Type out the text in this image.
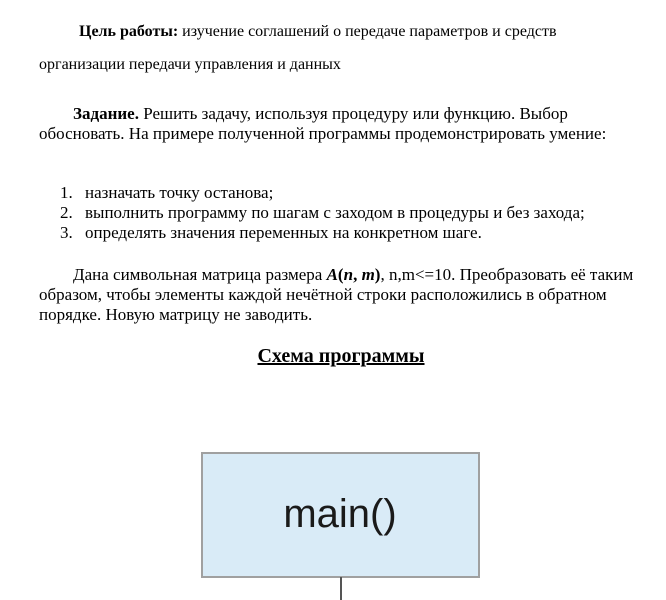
Цель работы: изучение соглашений о передаче параметров и средств

организации передачи управления и данных

Задание. Решить задачу, используя процедуру или функцию. Выбор обосновать. На примере полученной программы продемонстрировать умение:

1. назначать точку останова;
2. выполнить программу по шагам с заходом в процедуры и без захода;
3. определять значения переменных на конкретном шаге.

Дана символьная матрица размера A(n, m), n,m<=10. Преобразовать её таким образом, чтобы элементы каждой нечётной строки расположились в обратном порядке. Новую матрицу не заводить.

Схема программы
main()
